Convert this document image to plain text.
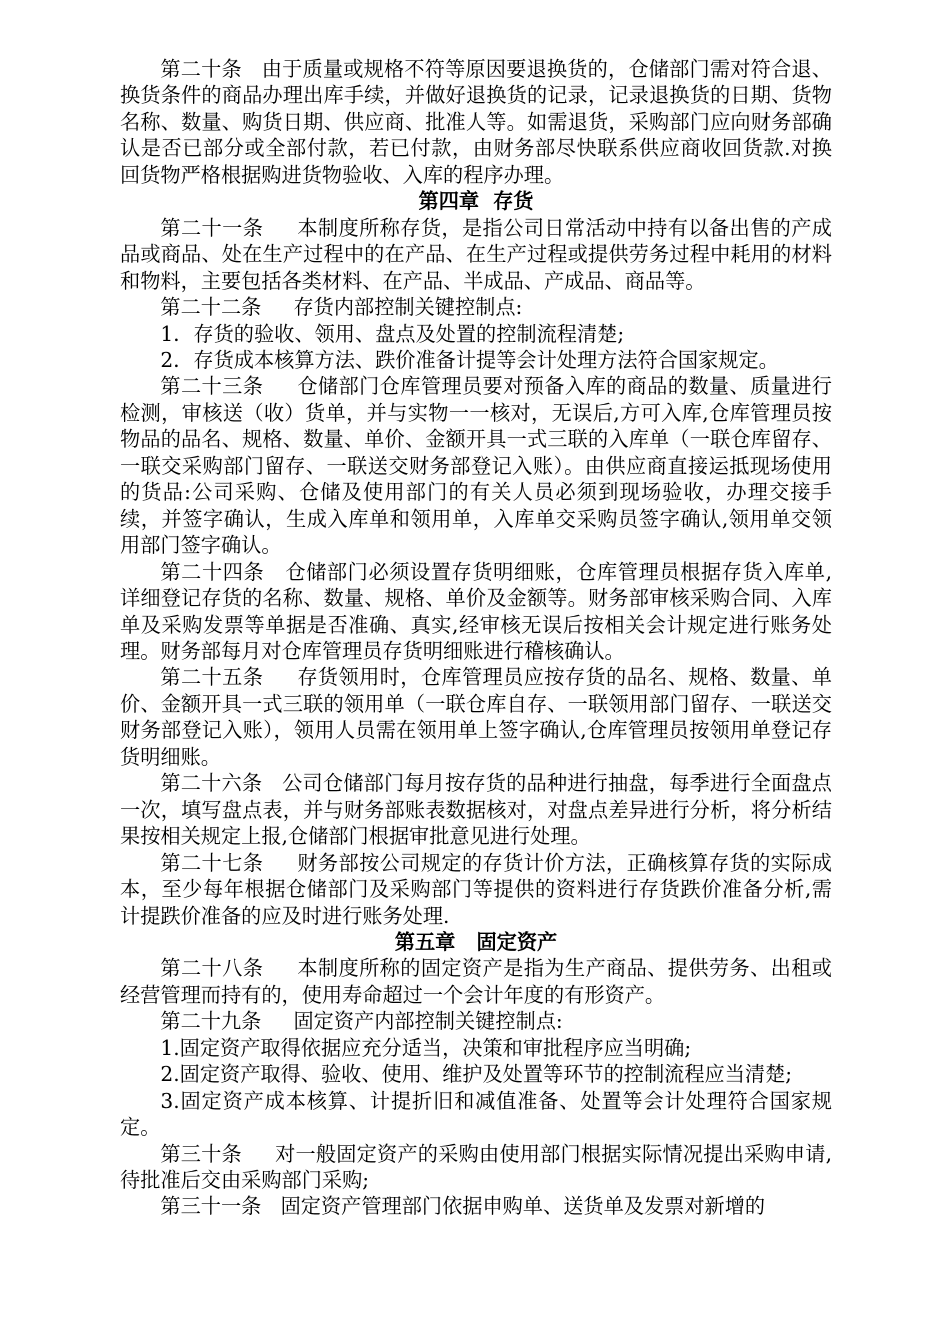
第二十条 由于质量或规格不符等原因要退换货的，仓储部门需对符合退、换货条件的商品办理出库手续，并做好退换货的记录，记录退换货的日期、货物名称、数量、购货日期、供应商、批准人等。如需退货，采购部门应向财务部确认是否已部分或全部付款，若已付款，由财务部尽快联系供应商收回货款.对换回货物严格根据购进货物验收、入库的程序办理。

第四章  存货

第二十一条 本制度所称存货，是指公司日常活动中持有以备出售的产成品或商品、处在生产过程中的在产品、在生产过程或提供劳务过程中耗用的材料和物料，主要包括各类材料、在产品、半成品、产成品、商品等。

第二十二条 存货内部控制关键控制点:

1．存货的验收、领用、盘点及处置的控制流程清楚;

2．存货成本核算方法、跌价准备计提等会计处理方法符合国家规定。

第二十三条 仓储部门仓库管理员要对预备入库的商品的数量、质量进行检测，审核送（收）货单，并与实物一一核对，无误后,方可入库,仓库管理员按物品的品名、规格、数量、单价、金额开具一式三联的入库单（一联仓库留存、一联交采购部门留存、一联送交财务部登记入账）。由供应商直接运抵现场使用的货品:公司采购、仓储及使用部门的有关人员必须到现场验收，办理交接手续，并签字确认，生成入库单和领用单，入库单交采购员签字确认,领用单交领用部门签字确认。

第二十四条 仓储部门必须设置存货明细账，仓库管理员根据存货入库单,详细登记存货的名称、数量、规格、单价及金额等。财务部审核采购合同、入库单及采购发票等单据是否准确、真实,经审核无误后按相关会计规定进行账务处理。财务部每月对仓库管理员存货明细账进行稽核确认。

第二十五条 存货领用时，仓库管理员应按存货的品名、规格、数量、单价、金额开具一式三联的领用单（一联仓库自存、一联领用部门留存、一联送交财务部登记入账），领用人员需在领用单上签字确认,仓库管理员按领用单登记存货明细账。

第二十六条 公司仓储部门每月按存货的品种进行抽盘，每季进行全面盘点一次，填写盘点表，并与财务部账表数据核对，对盘点差异进行分析，将分析结果按相关规定上报,仓储部门根据审批意见进行处理。

第二十七条 财务部按公司规定的存货计价方法，正确核算存货的实际成本，至少每年根据仓储部门及采购部门等提供的资料进行存货跌价准备分析,需计提跌价准备的应及时进行账务处理.

第五章   固定资产

第二十八条 本制度所称的固定资产是指为生产商品、提供劳务、出租或经营管理而持有的，使用寿命超过一个会计年度的有形资产。

第二十九条 固定资产内部控制关键控制点:

1.固定资产取得依据应充分适当，决策和审批程序应当明确;

2.固定资产取得、验收、使用、维护及处置等环节的控制流程应当清楚;

3.固定资产成本核算、计提折旧和减值准备、处置等会计处理符合国家规定。

第三十条 对一般固定资产的采购由使用部门根据实际情况提出采购申请,待批准后交由采购部门采购;

第三十一条 固定资产管理部门依据申购单、送货单及发票对新增的
